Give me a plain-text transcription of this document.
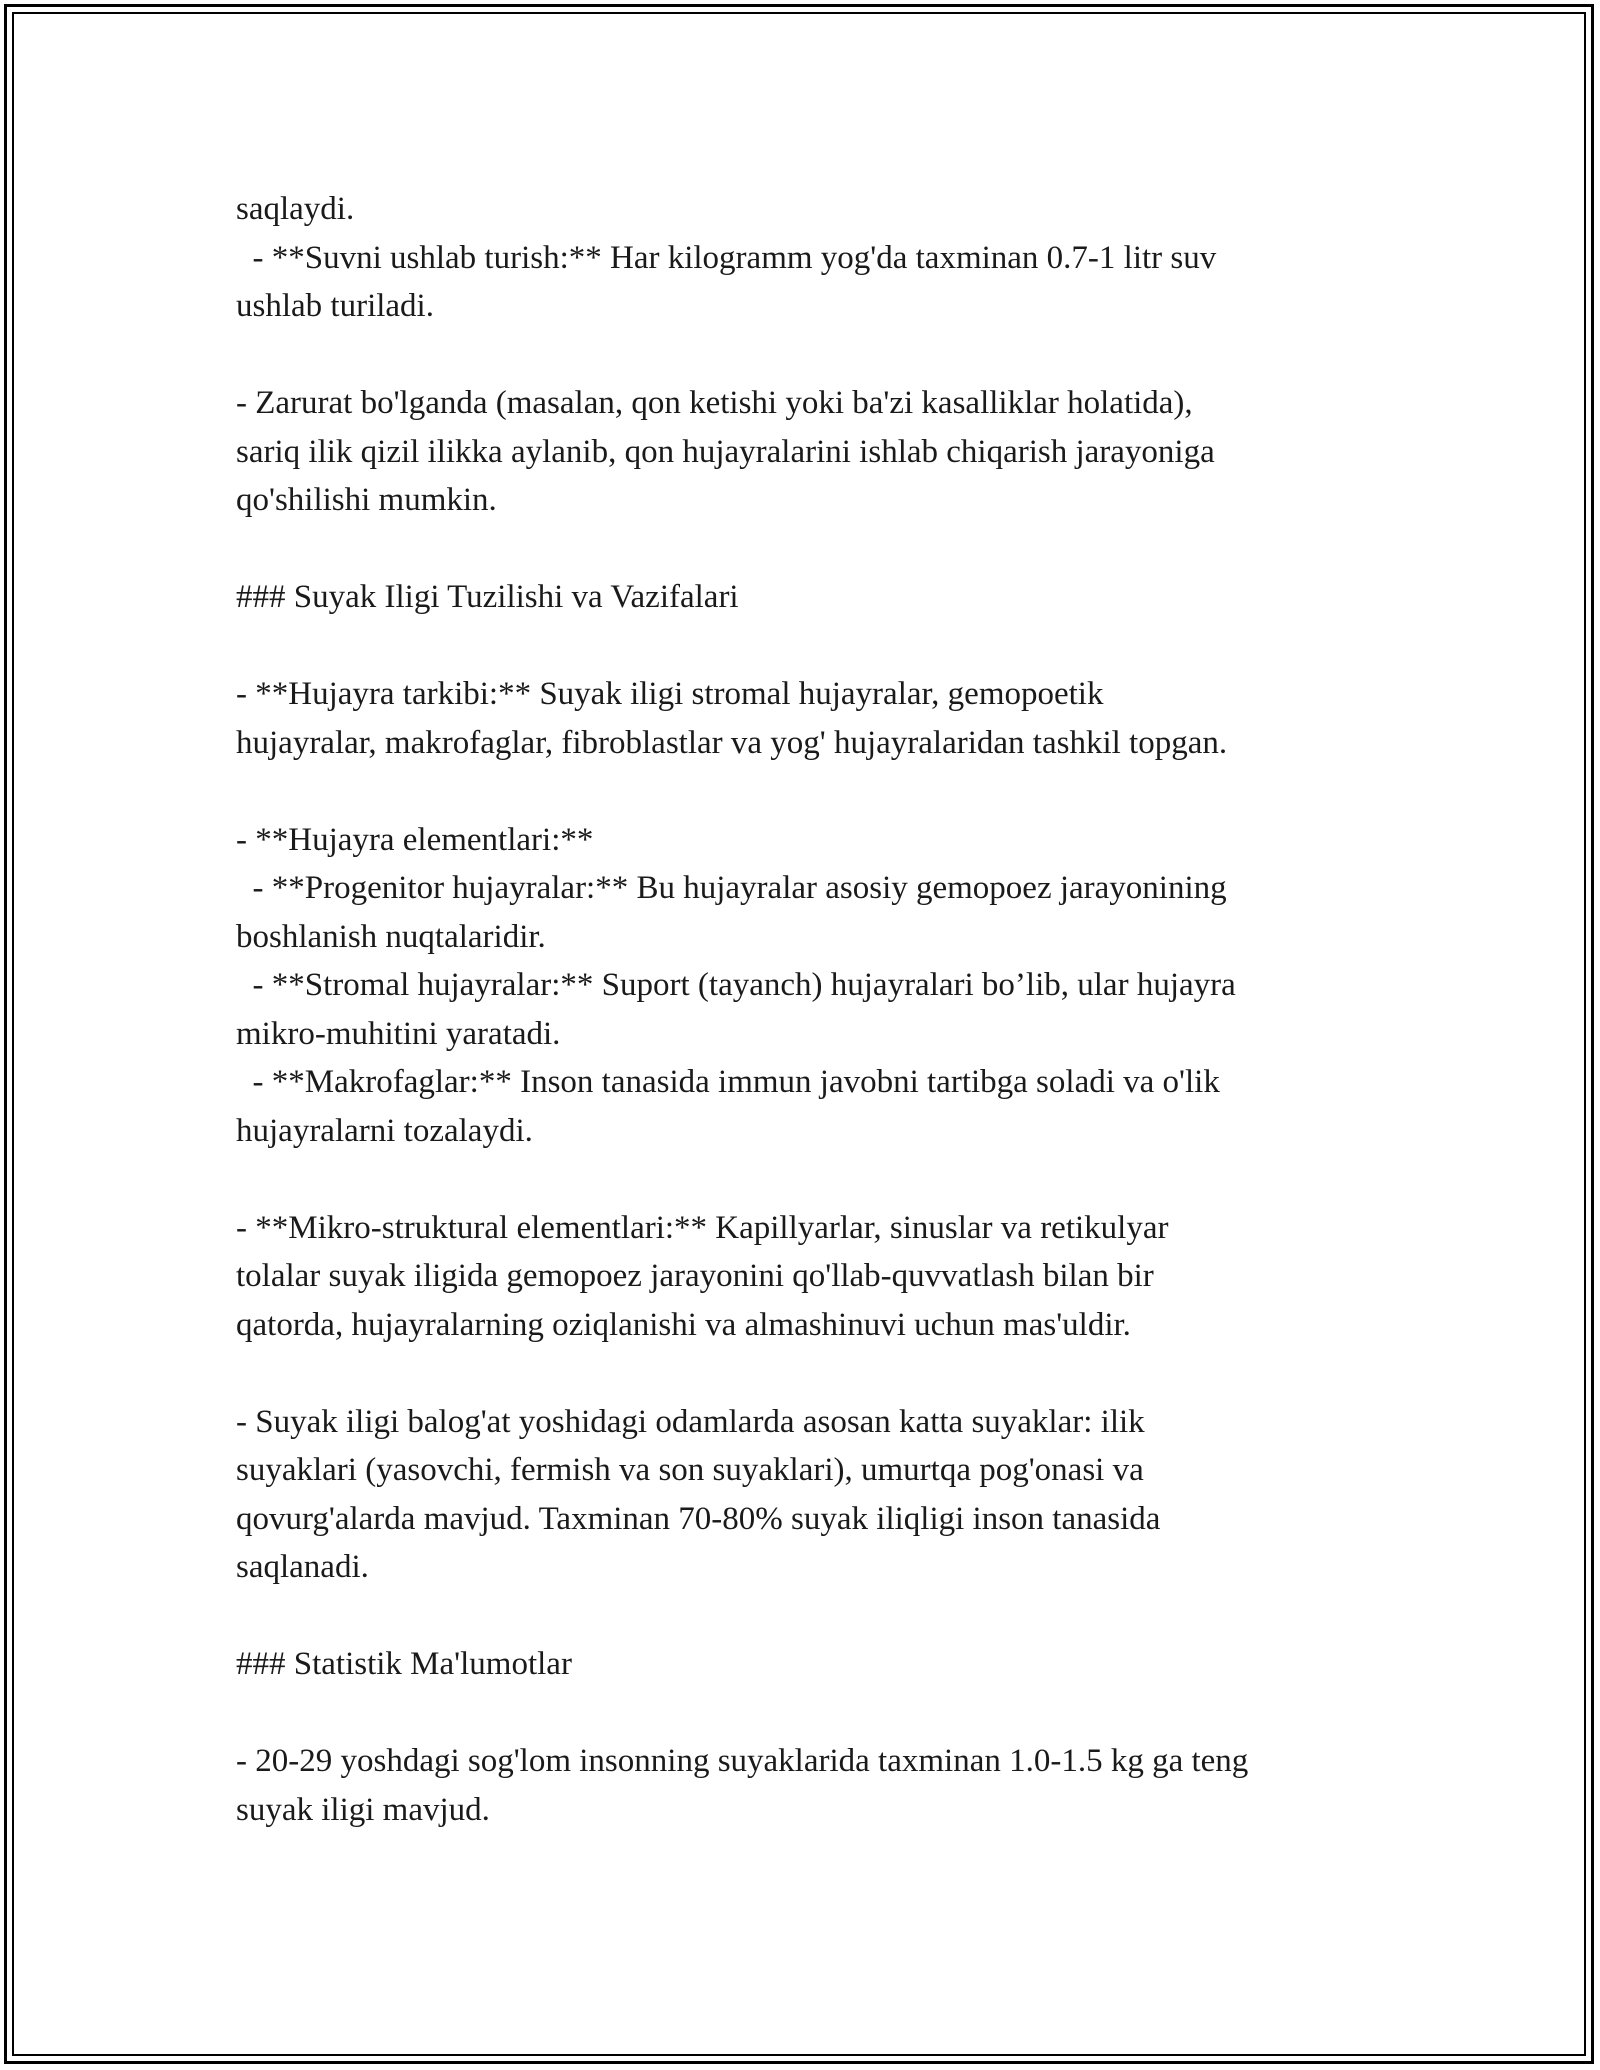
saqlaydi.
- **Suvni ushlab turish:** Har kilogramm yog'da taxminan 0.7-1 litr suv
ushlab turiladi.
- Zarurat bo'lganda (masalan, qon ketishi yoki ba'zi kasalliklar holatida),
sariq ilik qizil ilikka aylanib, qon hujayralarini ishlab chiqarish jarayoniga
qo'shilishi mumkin.
### Suyak Iligi Tuzilishi va Vazifalari
- **Hujayra tarkibi:** Suyak iligi stromal hujayralar, gemopoetik
hujayralar, makrofaglar, fibroblastlar va yog' hujayralaridan tashkil topgan.
- **Hujayra elementlari:**
- **Progenitor hujayralar:** Bu hujayralar asosiy gemopoez jarayonining
boshlanish nuqtalaridir.
- **Stromal hujayralar:** Suport (tayanch) hujayralari bo’lib, ular hujayra
mikro-muhitini yaratadi.
- **Makrofaglar:** Inson tanasida immun javobni tartibga soladi va o'lik
hujayralarni tozalaydi.
- **Mikro-struktural elementlari:** Kapillyarlar, sinuslar va retikulyar
tolalar suyak iligida gemopoez jarayonini qo'llab-quvvatlash bilan bir
qatorda, hujayralarning oziqlanishi va almashinuvi uchun mas'uldir.
- Suyak iligi balog'at yoshidagi odamlarda asosan katta suyaklar: ilik
suyaklari (yasovchi, fermish va son suyaklari), umurtqa pog'onasi va
qovurg'alarda mavjud. Taxminan 70-80% suyak iliqligi inson tanasida
saqlanadi.
### Statistik Ma'lumotlar
- 20-29 yoshdagi sog'lom insonning suyaklarida taxminan 1.0-1.5 kg ga teng
suyak iligi mavjud.
